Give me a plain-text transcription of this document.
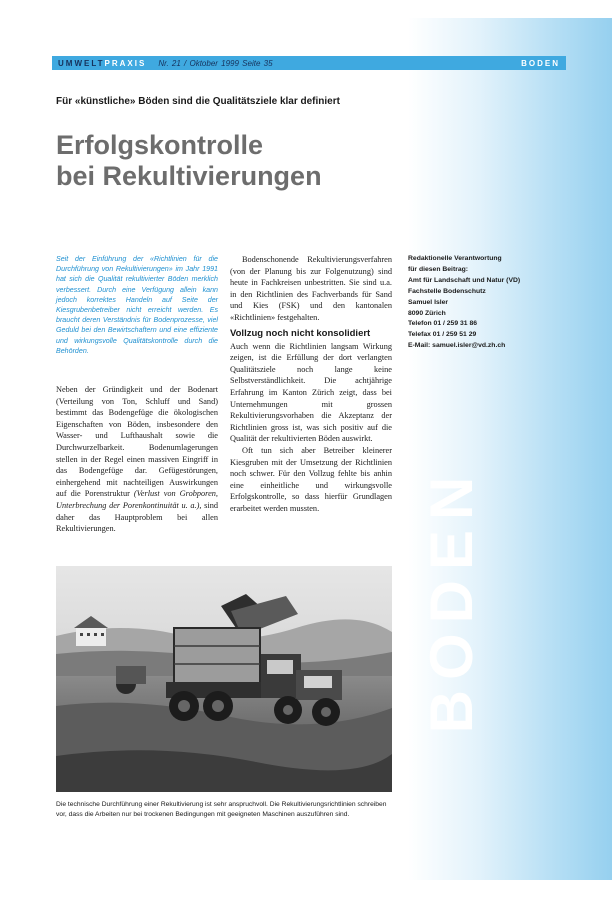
BODEN
UMWELTPRAXIS Nr. 21 / Oktober 1999 Seite 35	BODEN
Für «künstliche» Böden sind die Qualitätsziele klar definiert
Erfolgskontrolle
bei Rekultivierungen

Seit der Einführung der «Richtlinien für die Durchführung von Rekultivierungen» im Jahr 1991 hat sich die Qualität rekultivierter Böden merklich verbessert. Durch eine Verfügung allein kann jedoch korrektes Handeln auf Seite der Kiesgrubenbetreiber nicht erreicht werden. Es braucht deren Verständnis für Bodenprozesse, viel Geduld bei den Bewirtschaftern und eine effiziente und wirkungsvolle Qualitätskontrolle durch die Behörden.

Neben der Gründigkeit und der Bodenart (Verteilung von Ton, Schluff und Sand) bestimmt das Bodengefüge die ökologischen Eigenschaften von Böden, insbesondere den Wasser- und Lufthaushalt sowie die Durchwurzelbarkeit. Bodenumlagerungen stellen in der Regel einen massiven Eingriff in das Bodengefüge dar. Gefügestörungen, einhergehend mit nachteiligen Auswirkungen auf die Porenstruktur (Verlust von Grobporen, Unterbrechung der Porenkontinuität u. a.), sind daher das Hauptproblem bei allen Rekultivierungen.

Bodenschonende Rekultivierungsverfahren (von der Planung bis zur Folgenutzung) sind heute in Fachkreisen unbestritten. Sie sind u.a. in den Richtlinien des Fachverbands für Sand und Kies (FSK) und den kantonalen «Richtlinien» festgehalten.

Vollzug noch nicht konsolidiert

Auch wenn die Richtlinien langsam Wirkung zeigen, ist die Erfüllung der dort verlangten Qualitätsziele noch lange keine Selbstverständlichkeit. Die achtjährige Erfahrung im Kanton Zürich zeigt, dass bei Unternehmungen mit grossen Rekultivierungsvorhaben die Akzeptanz der Richtlinien gross ist, was sich positiv auf die Qualität der rekultivierten Böden auswirkt.

Oft tun sich aber Betreiber kleinerer Kiesgruben mit der Umsetzung der Richtlinien noch schwer. Für den Vollzug fehlte bis anhin eine einheitliche und wirkungsvolle Erfolgskontrolle, so dass hierfür Grundlagen erarbeitet werden mussten.

Redaktionelle Verantwortung
für diesen Beitrag:
Amt für Landschaft und Natur (VD)
Fachstelle Bodenschutz
Samuel Isler
8090 Zürich
Telefon 01 / 259 31 86
Telefax 01 / 259 51 29
E-Mail: samuel.isler@vd.zh.ch

Die technische Durchführung einer Rekultivierung ist sehr anspruchvoll. Die Rekultivierungsrichtlinien schreiben vor, dass die Arbeiten nur bei trockenen Bedingungen mit geeigneten Maschinen auszuführen sind.
